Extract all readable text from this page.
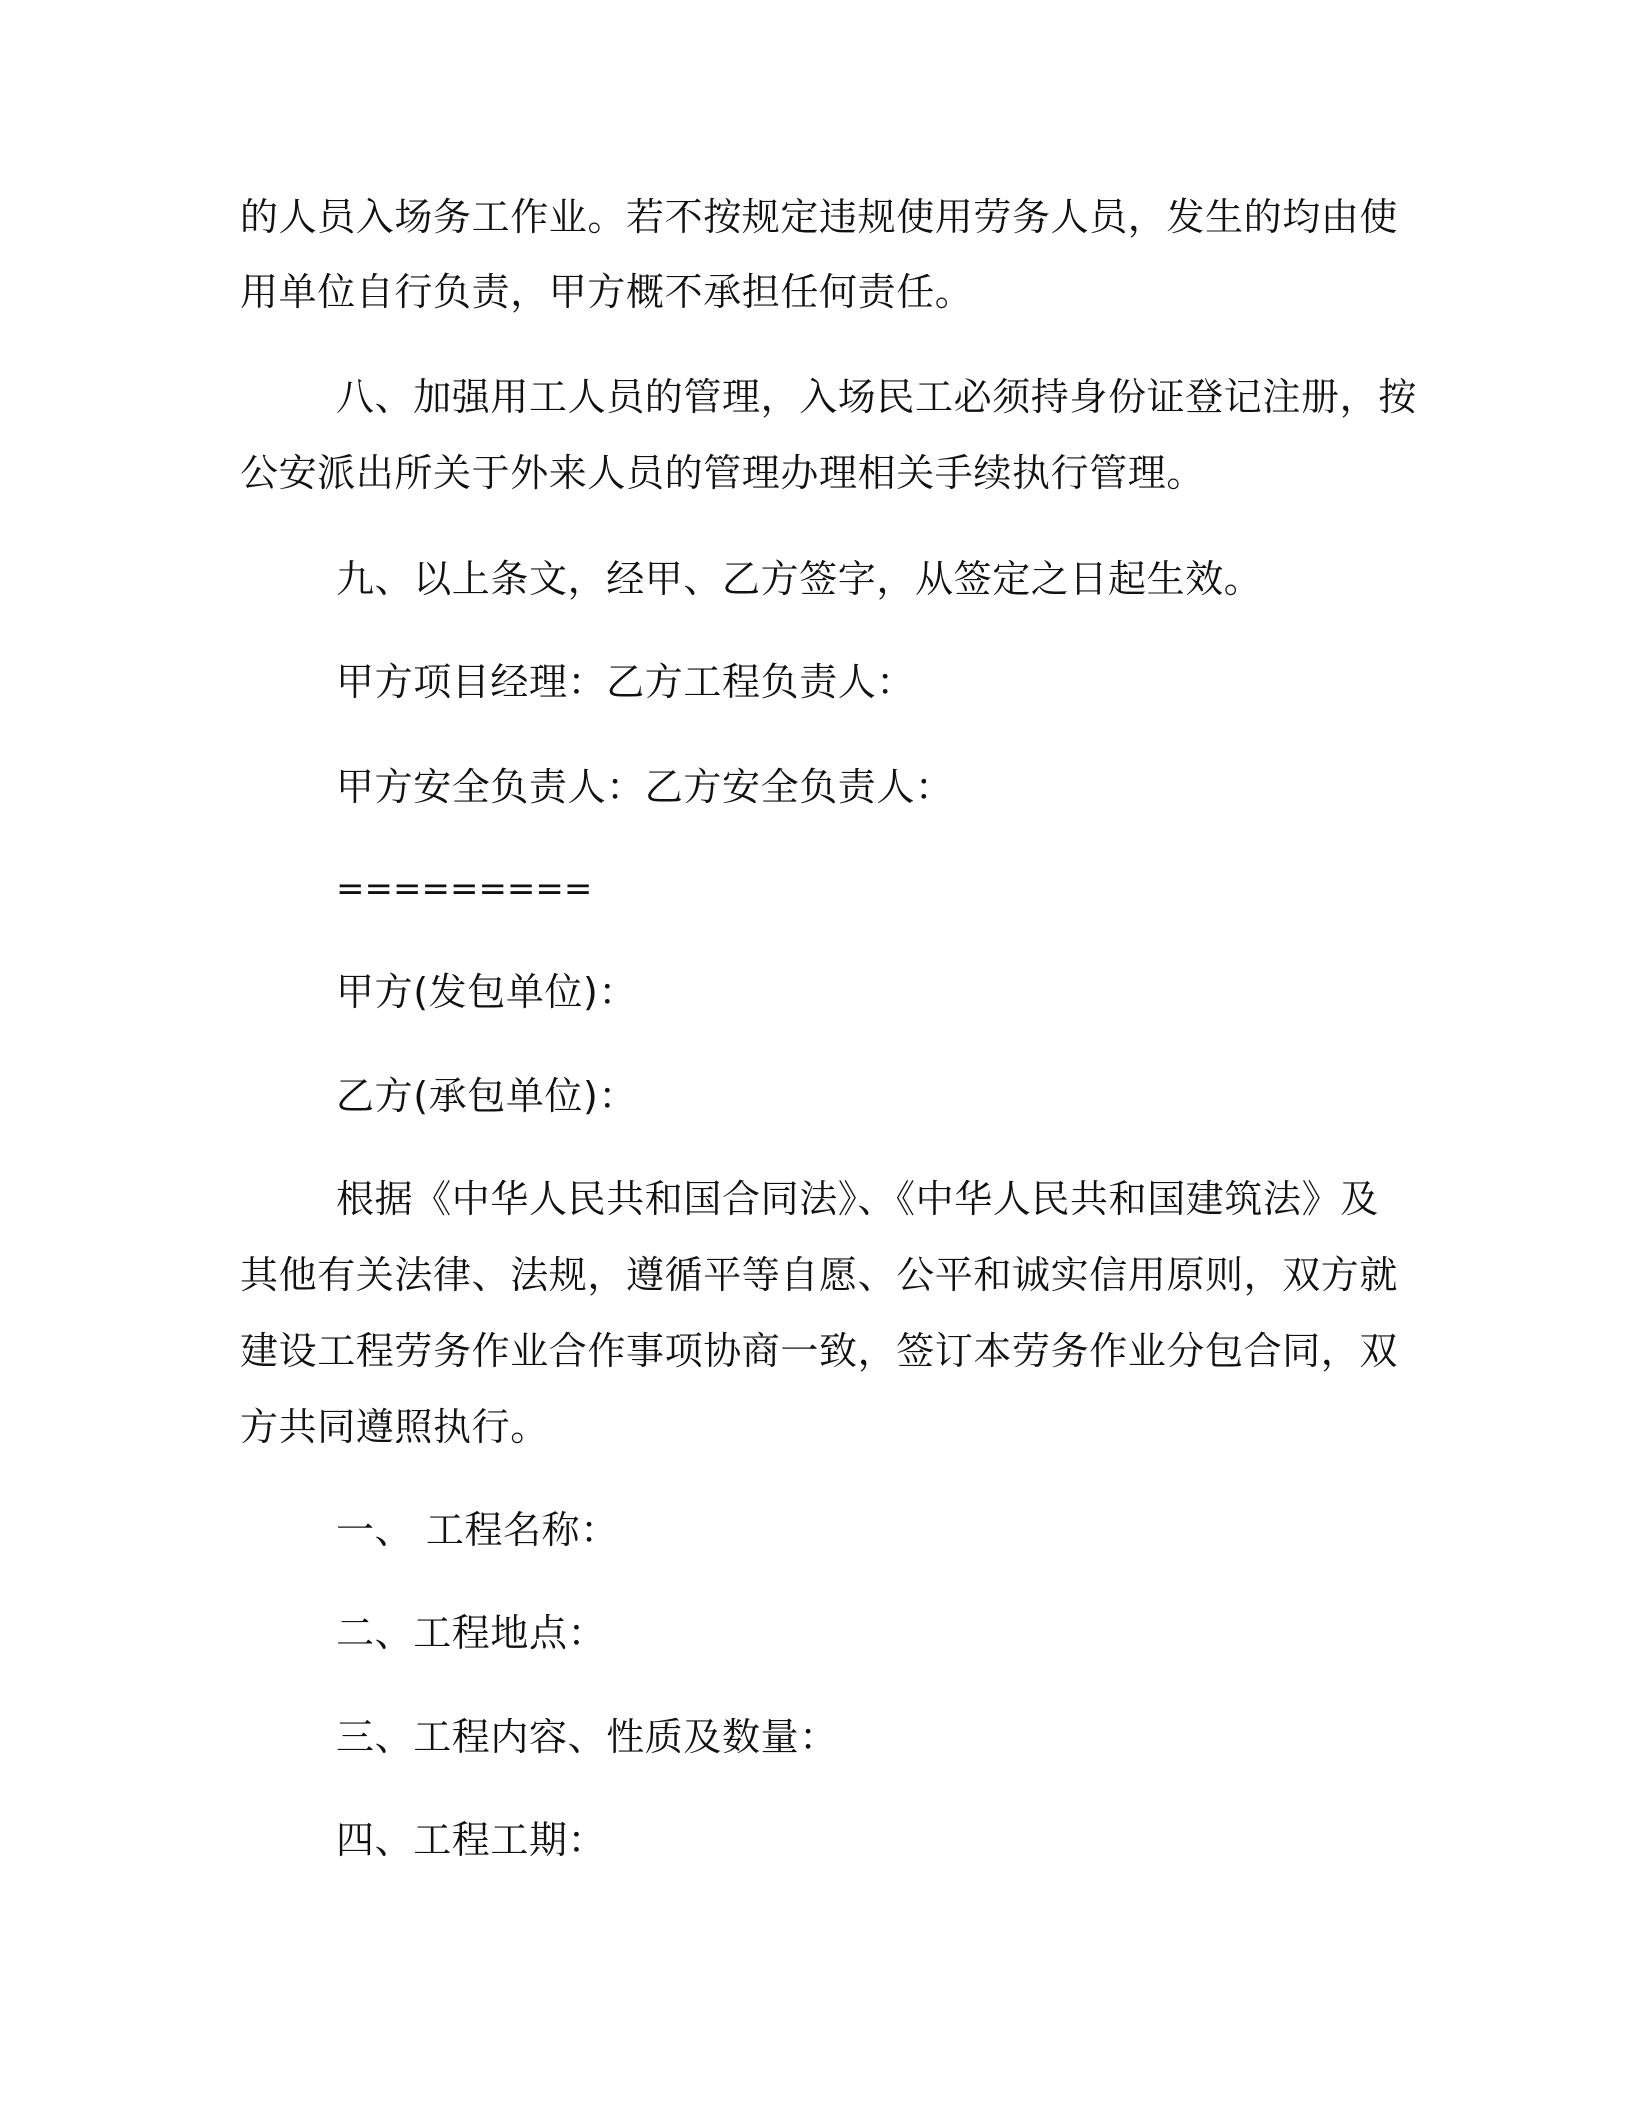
的人员入场务工作业。若不按规定违规使用劳务人员，发生的均由使
用单位自行负责，甲方概不承担任何责任。
八、加强用工人员的管理，入场民工必须持身份证登记注册，按
公安派出所关于外来人员的管理办理相关手续执行管理。
九、以上条文，经甲、乙方签字，从签定之日起生效。
甲方项目经理：乙方工程负责人：
甲方安全负责人：乙方安全负责人：
=========
甲方(发包单位)：
乙方(承包单位)：
根据《中华人民共和国合同法》、《中华人民共和国建筑法》及
其他有关法律、法规，遵循平等自愿、公平和诚实信用原则，双方就
建设工程劳务作业合作事项协商一致，签订本劳务作业分包合同，双
方共同遵照执行。
一、 工程名称：
二、工程地点：
三、工程内容、性质及数量：
四、工程工期：
